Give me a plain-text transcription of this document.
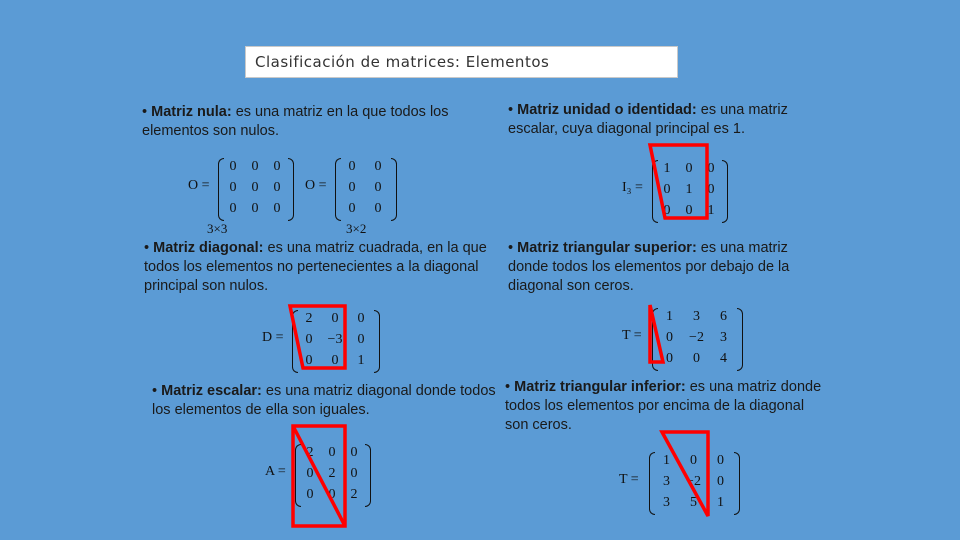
Clasificación de matrices: Elementos
• Matriz nula: es una matriz en la que todos los elementos son nulos.
• Matriz unidad o identidad: es una matriz escalar, cuya diagonal principal es 1.
• Matriz diagonal: es una matriz cuadrada, en la que todos los elementos no pertenecientes a la diagonal principal son nulos.
• Matriz triangular superior: es una matriz donde todos los elementos por debajo de la diagonal son ceros.
• Matriz escalar: es una matriz diagonal donde todos los elementos de ella son iguales.
• Matriz triangular inferior: es una matriz donde todos los elementos por encima de la diagonal son ceros.
O =
0	0	0
0	0	0
0	0	0
3×3
O =
0	0
0	0
0	0
3×2
I₃ =
1	0	0
0	1	0
0	0	1
D =
2	0	0
0	−3	0
0	0	1
T =
1	3	6
0	−2	3
0	0	4
A =
2	0	0
0	2	0
0	0	2
T =
1	0	0
3	−2	0
3	5	1
